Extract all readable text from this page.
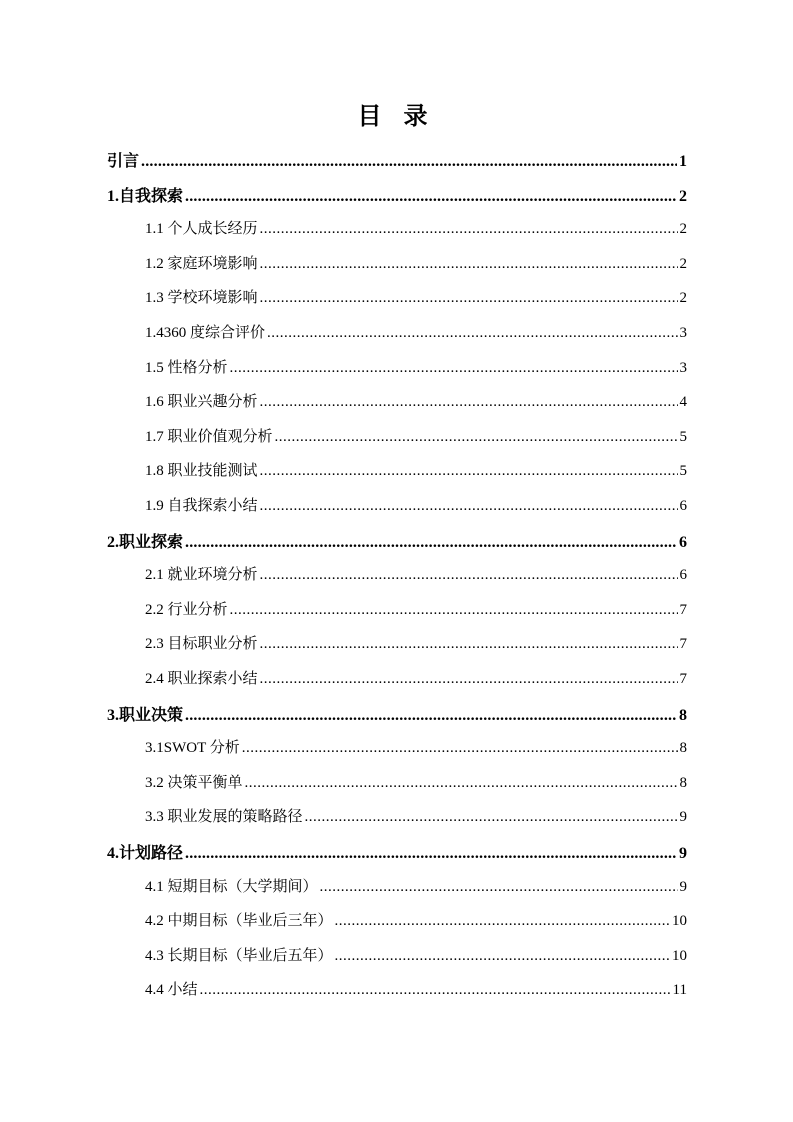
目 录
引言 .....	1
1.自我探索 .....	2
1.1 个人成长经历 .....	2
1.2 家庭环境影响 .....	2
1.3 学校环境影响 .....	2
1.4360 度综合评价 .....	3
1.5 性格分析 .....	3
1.6 职业兴趣分析 .....	4
1.7 职业价值观分析 .....	5
1.8 职业技能测试 .....	5
1.9 自我探索小结 .....	6
2.职业探索 .....	6
2.1 就业环境分析 .....	6
2.2 行业分析 .....	7
2.3 目标职业分析 .....	7
2.4 职业探索小结 .....	7
3.职业决策 .....	8
3.1SWOT 分析 .....	8
3.2 决策平衡单 .....	8
3.3 职业发展的策略路径 .....	9
4.计划路径 .....	9
4.1 短期目标（大学期间） .....	9
4.2 中期目标（毕业后三年） .....	10
4.3 长期目标（毕业后五年） .....	10
4.4 小结 .....	11
